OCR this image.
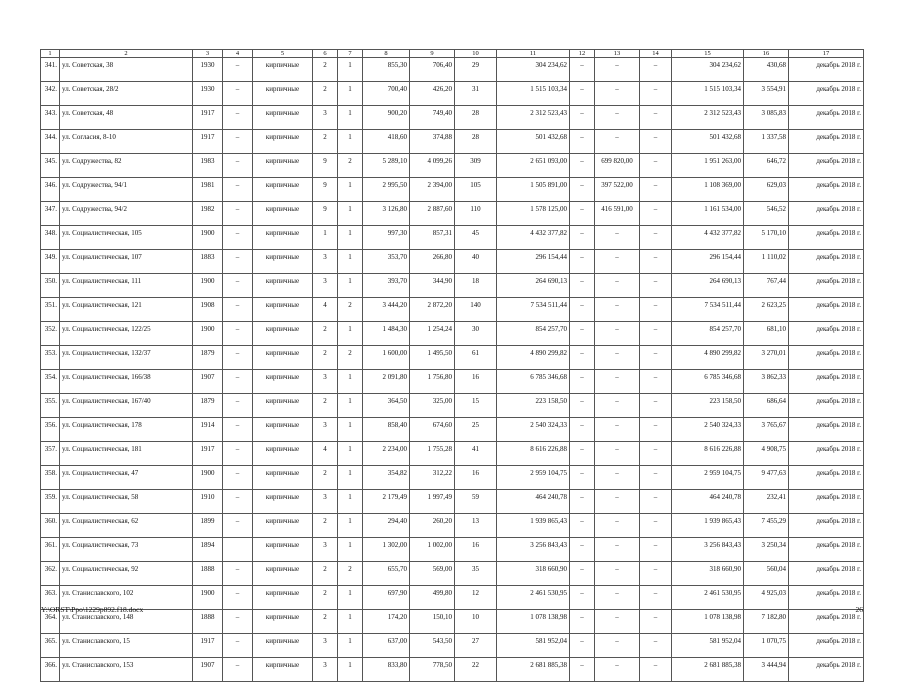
1	2	3	4	5	6	7	8	9	10	11	12	13	14	15	16	17
341.	ул. Советская, 38	1930	–	кирпичные	2	1	855,30	706,40	29	304 234,62	–	–	–	304 234,62	430,68	декабрь 2018 г.
342.	ул. Советская, 28/2	1930	–	кирпичные	2	1	700,40	426,20	31	1 515 103,34	–	–	–	1 515 103,34	3 554,91	декабрь 2018 г.
343.	ул. Советская, 48	1917	–	кирпичные	3	1	900,20	749,40	28	2 312 523,43	–	–	–	2 312 523,43	3 085,83	декабрь 2018 г.
344.	ул. Согласия, 8-10	1917	–	кирпичные	2	1	418,60	374,88	28	501 432,68	–	–	–	501 432,68	1 337,58	декабрь 2018 г.
345.	ул. Содружества, 82	1983	–	кирпичные	9	2	5 289,10	4 099,26	309	2 651 093,00	–	699 820,00	–	1 951 263,00	646,72	декабрь 2018 г.
346.	ул. Содружества, 94/1	1981	–	кирпичные	9	1	2 995,50	2 394,00	105	1 505 891,00	–	397 522,00	–	1 108 369,00	629,03	декабрь 2018 г.
347.	ул. Содружества, 94/2	1982	–	кирпичные	9	1	3 126,80	2 887,60	110	1 578 125,00	–	416 591,00	–	1 161 534,00	546,52	декабрь 2018 г.
348.	ул. Социалистическая, 105	1900	–	кирпичные	1	1	997,30	857,31	45	4 432 377,82	–	–	–	4 432 377,82	5 170,10	декабрь 2018 г.
349.	ул. Социалистическая, 107	1883	–	кирпичные	3	1	353,70	266,80	40	296 154,44	–	–	–	296 154,44	1 110,02	декабрь 2018 г.
350.	ул. Социалистическая, 111	1900	–	кирпичные	3	1	393,70	344,90	18	264 690,13	–	–	–	264 690,13	767,44	декабрь 2018 г.
351.	ул. Социалистическая, 121	1908	–	кирпичные	4	2	3 444,20	2 872,20	140	7 534 511,44	–	–	–	7 534 511,44	2 623,25	декабрь 2018 г.
352.	ул. Социалистическая, 122/25	1900	–	кирпичные	2	1	1 484,30	1 254,24	30	854 257,70	–	–	–	854 257,70	681,10	декабрь 2018 г.
353.	ул. Социалистическая, 132/37	1879	–	кирпичные	2	2	1 600,00	1 495,50	61	4 890 299,82	–	–	–	4 890 299,82	3 270,01	декабрь 2018 г.
354.	ул. Социалистическая, 166/38	1907	–	кирпичные	3	1	2 091,80	1 756,80	16	6 785 346,68	–	–	–	6 785 346,68	3 862,33	декабрь 2018 г.
355.	ул. Социалистическая, 167/40	1879	–	кирпичные	2	1	364,50	325,00	15	223 158,50	–	–	–	223 158,50	686,64	декабрь 2018 г.
356.	ул. Социалистическая, 178	1914	–	кирпичные	3	1	858,40	674,60	25	2 540 324,33	–	–	–	2 540 324,33	3 765,67	декабрь 2018 г.
357.	ул. Социалистическая, 181	1917	–	кирпичные	4	1	2 234,00	1 755,28	41	8 616 226,88	–	–	–	8 616 226,88	4 908,75	декабрь 2018 г.
358.	ул. Социалистическая, 47	1900	–	кирпичные	2	1	354,82	312,22	16	2 959 104,75	–	–	–	2 959 104,75	9 477,63	декабрь 2018 г.
359.	ул. Социалистическая, 58	1910	–	кирпичные	3	1	2 179,49	1 997,49	59	464 240,78	–	–	–	464 240,78	232,41	декабрь 2018 г.
360.	ул. Социалистическая, 62	1899	–	кирпичные	2	1	294,40	260,20	13	1 939 865,43	–	–	–	1 939 865,43	7 455,29	декабрь 2018 г.
361.	ул. Социалистическая, 73	1894		кирпичные	3	1	1 302,00	1 002,00	16	3 256 843,43	–	–	–	3 256 843,43	3 250,34	декабрь 2018 г.
362.	ул. Социалистическая, 92	1888	–	кирпичные	2	2	655,70	569,00	35	318 660,90	–	–	–	318 660,90	560,04	декабрь 2018 г.
363.	ул. Станиславского, 102	1900	–	кирпичные	2	1	697,90	499,80	12	2 461 530,95	–	–	–	2 461 530,95	4 925,03	декабрь 2018 г.
364.	ул. Станиславского, 148	1888	–	кирпичные	2	1	174,20	150,10	10	1 078 138,98	–	–	–	1 078 138,98	7 182,80	декабрь 2018 г.
365.	ул. Станиславского, 15	1917	–	кирпичные	3	1	637,00	543,50	27	581 952,04	–	–	–	581 952,04	1 070,75	декабрь 2018 г.
366.	ул. Станиславского, 153	1907	–	кирпичные	3	1	833,80	778,50	22	2 681 885,38	–	–	–	2 681 885,38	3 444,94	декабрь 2018 г.
Y:\ORST\Ppo\1229p892.f18.docx	26
